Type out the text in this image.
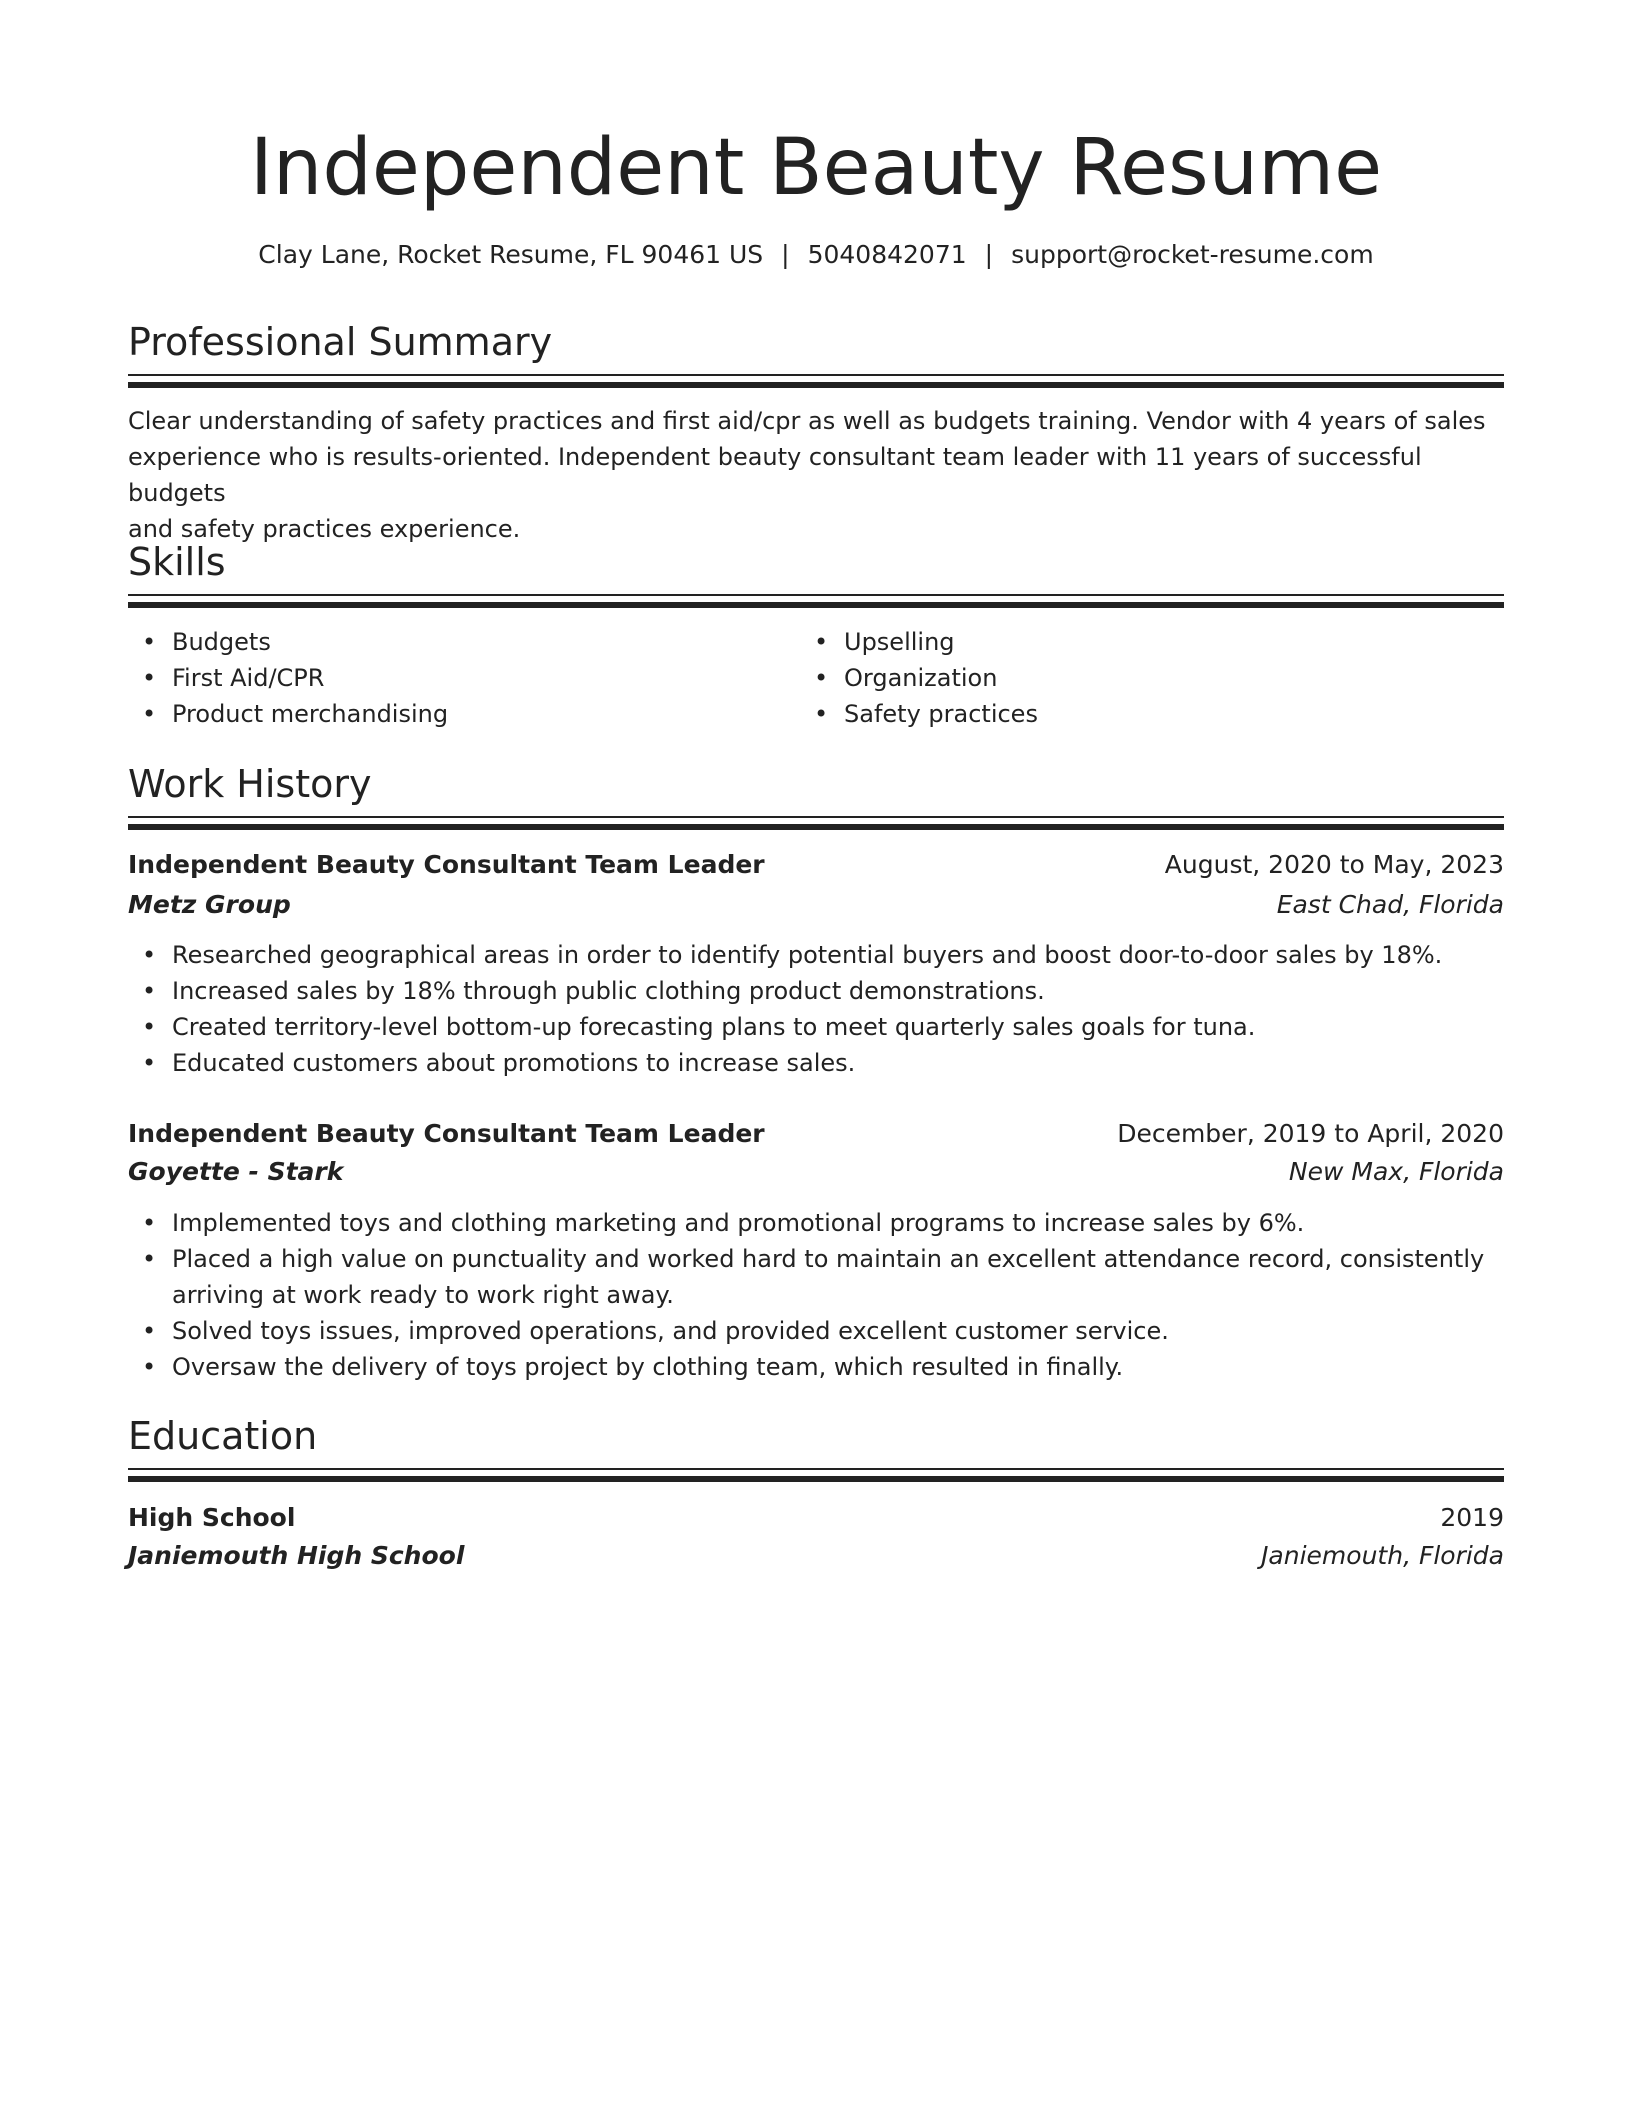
Independent Beauty Resume
Clay Lane, Rocket Resume, FL 90461 US | 5040842071 | support@rocket-resume.com
Professional Summary
Clear understanding of safety practices and first aid/cpr as well as budgets training. Vendor with 4 years of sales
experience who is results-oriented. Independent beauty consultant team leader with 11 years of successful budgets
and safety practices experience.
Skills
• Budgets
• First Aid/CPR
• Product merchandising
• Upselling
• Organization
• Safety practices
Work History
Independent Beauty Consultant Team Leader	August, 2020 to May, 2023
Metz Group	East Chad, Florida
• Researched geographical areas in order to identify potential buyers and boost door-to-door sales by 18%.
• Increased sales by 18% through public clothing product demonstrations.
• Created territory-level bottom-up forecasting plans to meet quarterly sales goals for tuna.
• Educated customers about promotions to increase sales.
Independent Beauty Consultant Team Leader	December, 2019 to April, 2020
Goyette - Stark	New Max, Florida
• Implemented toys and clothing marketing and promotional programs to increase sales by 6%.
• Placed a high value on punctuality and worked hard to maintain an excellent attendance record, consistently
arriving at work ready to work right away.
• Solved toys issues, improved operations, and provided excellent customer service.
• Oversaw the delivery of toys project by clothing team, which resulted in finally.
Education
High School	2019
Janiemouth High School	Janiemouth, Florida
